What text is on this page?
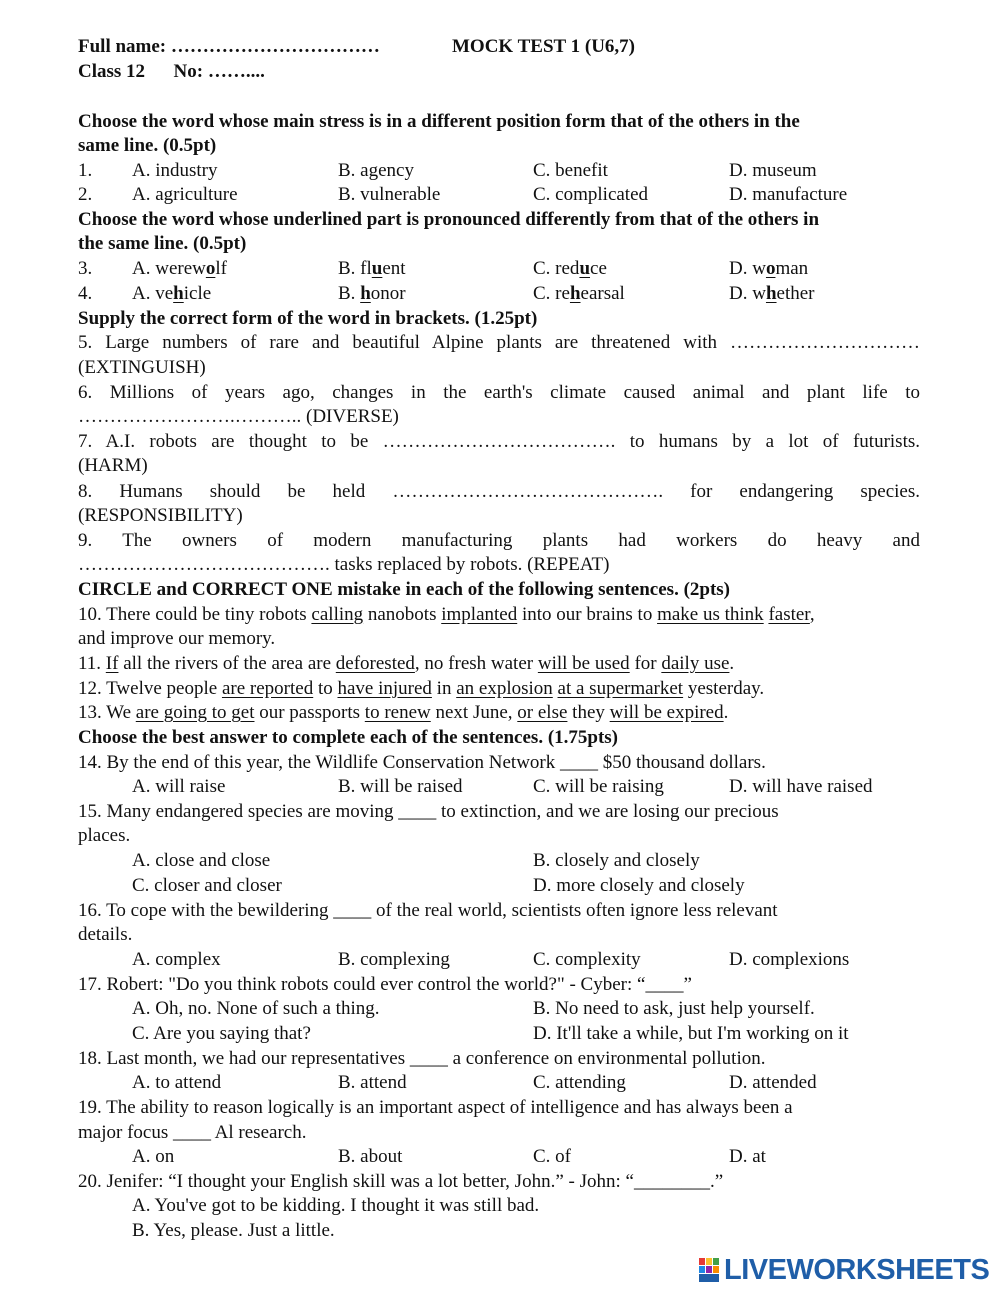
Full name: ……………………………	MOCK TEST 1 (U6,7)
Class 12      No: ……....
Choose the word whose main stress is in a different position form that of the others in the
same line. (0.5pt)
1. A. industry	B. agency	C. benefit	D. museum
2. A. agriculture	B. vulnerable	C. complicated	D. manufacture
Choose the word whose underlined part is pronounced differently from that of the others in
the same line. (0.5pt)
3. A. werewolf	B. fluent	C. reduce	D. woman
4. A. vehicle	B. honor	C. rehearsal	D. whether
Supply the correct form of the word in brackets. (1.25pt)
5. Large numbers of rare and beautiful Alpine plants are threatened with …………………………
(EXTINGUISH)
6. Millions of years ago, changes in the earth's climate caused animal and plant life to
…………………….……….. (DIVERSE)
7. A.I. robots are thought to be ………………………………. to humans by a lot of futurists.
(HARM)
8. Humans should be held ……………………………………. for endangering species.
(RESPONSIBILITY)
9. The owners of modern manufacturing plants had workers do heavy and
…………………………………. tasks replaced by robots. (REPEAT)
CIRCLE and CORRECT ONE mistake in each of the following sentences. (2pts)
10. There could be tiny robots calling nanobots implanted into our brains to make us think faster,
and improve our memory.
11. If all the rivers of the area are deforested, no fresh water will be used for daily use.
12. Twelve people are reported to have injured in an explosion at a supermarket yesterday.
13. We are going to get our passports to renew next June, or else they will be expired.
Choose the best answer to complete each of the sentences. (1.75pts)
14. By the end of this year, the Wildlife Conservation Network ____ $50 thousand dollars.
A. will raise	B. will be raised	C. will be raising	D. will have raised
15. Many endangered species are moving ____ to extinction, and we are losing our precious
places.
A. close and close	B. closely and closely
C. closer and closer	D. more closely and closely
16. To cope with the bewildering ____ of the real world, scientists often ignore less relevant
details.
A. complex	B. complexing	C. complexity	D. complexions
17. Robert: "Do you think robots could ever control the world?" - Cyber: “____”
A. Oh, no. None of such a thing.	B. No need to ask, just help yourself.
C. Are you saying that?	D. It'll take a while, but I'm working on it
18. Last month, we had our representatives ____ a conference on environmental pollution.
A. to attend	B. attend	C. attending	D. attended
19. The ability to reason logically is an important aspect of intelligence and has always been a
major focus ____ Al research.
A. on	B. about	C. of	D. at
20. Jenifer: “I thought your English skill was a lot better, John.” - John: “________.”
A. You've got to be kidding. I thought it was still bad.
B. Yes, please. Just a little.
LIVEWORKSHEETS
